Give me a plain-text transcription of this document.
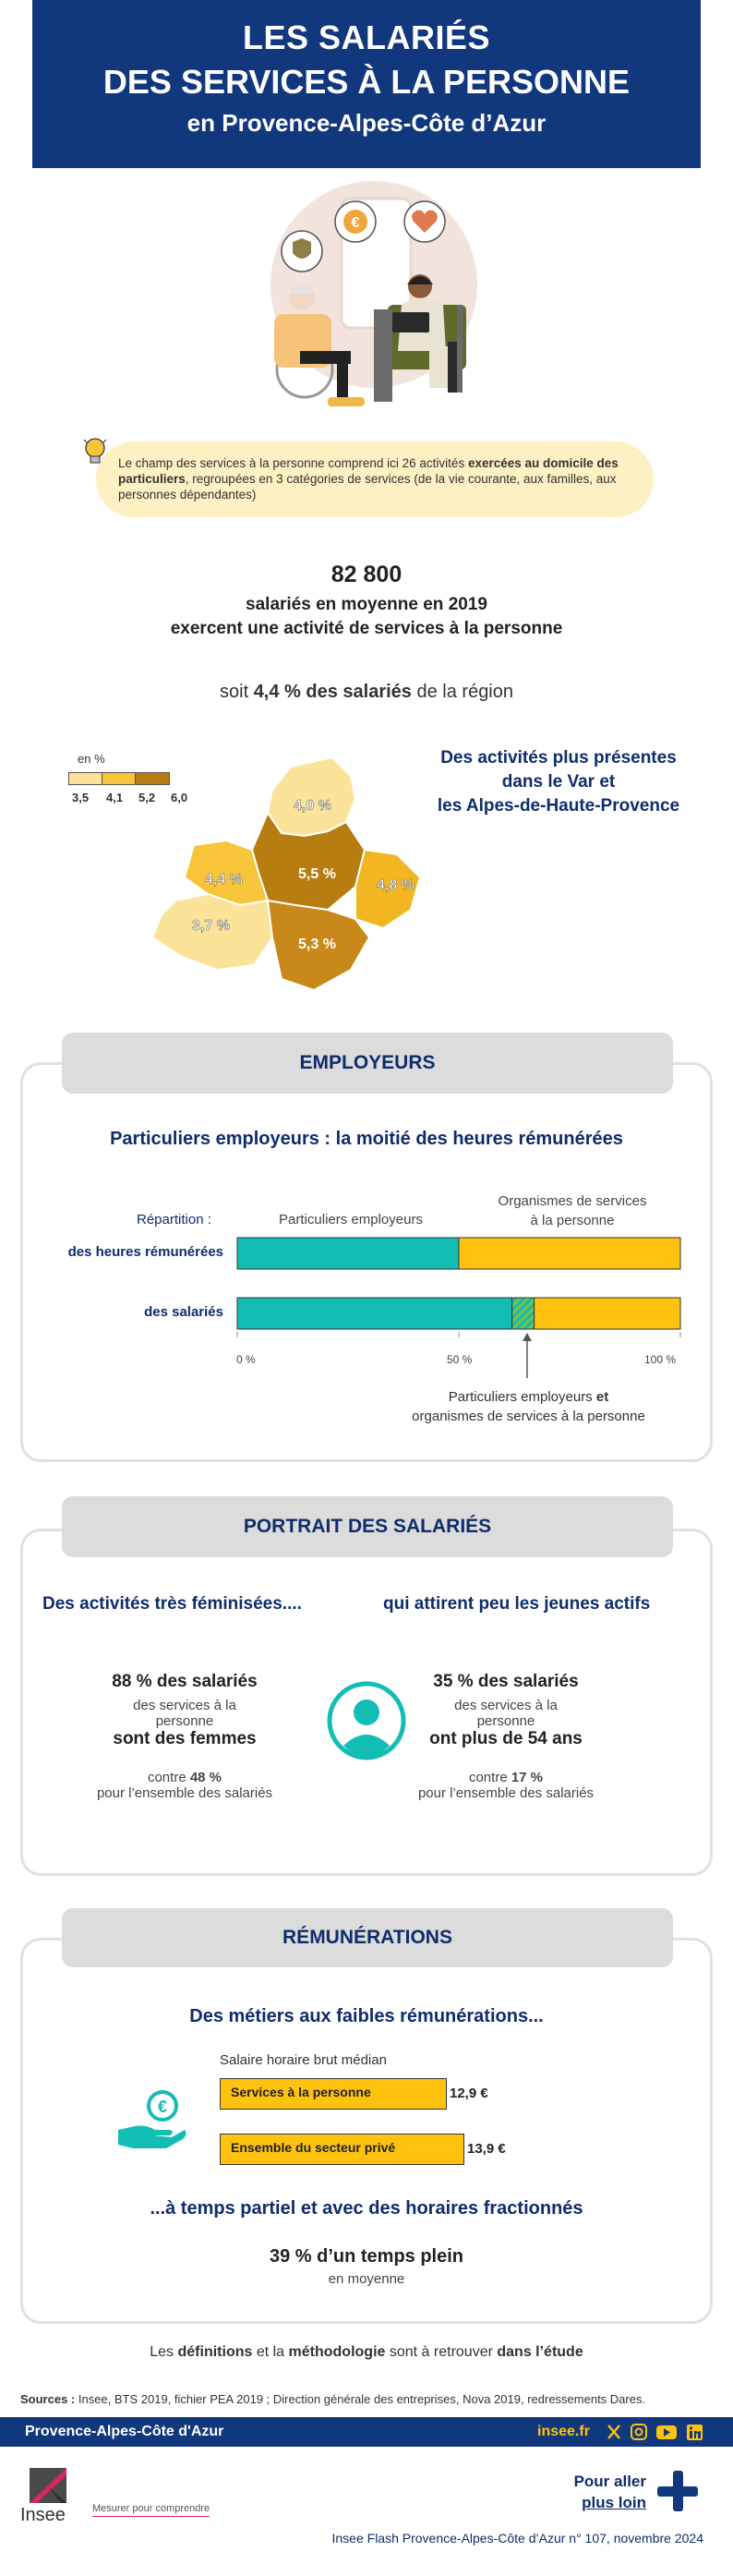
LES SALARIÉS
DES SERVICES À LA PERSONNE
en Provence-Alpes-Côte d’Azur
€
Le champ des services à la personne comprend ici 26 activités exercées au domicile des particuliers, regroupées en 3 catégories de services (de la vie courante, aux familles, aux personnes dépendantes)
82 800
salariés en moyenne en 2019
exercent une activité de services à la personne
soit 4,4 % des salariés de la région
en %
3,5 4,1 5,2 6,0
4,0 %
4,4 %	5,5 %
4,8 %
3,7 %
5,3 %
Des activités plus présentes
dans le Var et
les Alpes-de-Haute-Provence
EMPLOYEURS
Particuliers employeurs : la moitié des heures rémunérées
Répartition :	Particuliers employeurs
Organismes de services
à la personne
des heures rémunérées
des salariés
0 %	50 %	100 %
Particuliers employeurs et
organismes de services à la personne
PORTRAIT DES SALARIÉS
Des activités très féminisées....	qui attirent peu les jeunes actifs
88 % des salariés
des services à la
personne
sont des femmes
contre 48 %
pour l’ensemble des salariés
35 % des salariés
des services à la
personne
ont plus de 54 ans
contre 17 %
pour l’ensemble des salariés
RÉMUNÉRATIONS
Des métiers aux faibles rémunérations...
Salaire horaire brut médian
€
Services à la personne	12,9 €
Ensemble du secteur privé	13,9 €
...à temps partiel et avec des horaires fractionnés
39 % d’un temps plein
en moyenne
Les définitions et la méthodologie sont à retrouver dans l’étude
Sources : Insee, BTS 2019, fichier PEA 2019 ; Direction générale des entreprises, Nova 2019, redressements Dares.
Provence-Alpes-Côte d'Azur	insee.fr
Insee	Mesurer pour comprendre
Pour aller
plus loin
Insee Flash Provence-Alpes-Côte d’Azur n° 107, novembre 2024
